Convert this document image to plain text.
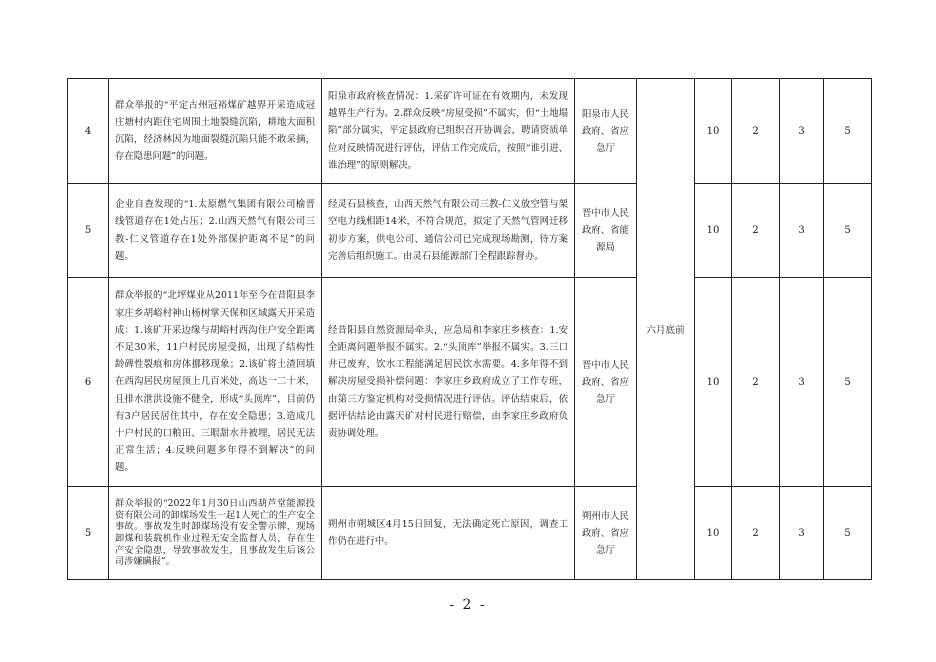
4	群众举报的“平定古州冠裕煤矿越界开采造成冠庄塘村内距住宅周围土地裂缝沉陷，耕地大面积沉陷，经济林因为地面裂缝沉陷只能不敢采摘，存在隐患问题”的问题。	阳泉市政府核查情况：1.采矿许可证在有效期内，未发现越界生产行为。2.群众反映“房屋受损”不属实，但“土地塌陷”部分属实，平定县政府已组织召开协调会，聘请资质单位对反映情况进行评估，评估工作完成后，按照“谁引进、谁治理”的原则解决。	阳泉市人民政府、省应急厅	六月底前	10	2	3	5	
5	企业自查发现的“1.太原燃气集团有限公司榆晋线管道存在1处占压；2.山西天然气有限公司三教-仁义管道存在1处外部保护距离不足”的问题。	经灵石县核查，山西天然气有限公司三教-仁义放空管与架空电力线相距14米，不符合规范，拟定了天然气管网迁移初步方案，供电公司、通信公司已完成现场勘测，待方案完善后组织施工。由灵石县能源部门全程跟踪督办。	晋中市人民政府、省能源局		10	2	3	5	
6	群众举报的“北坪煤业从2011年至今在昔阳县李家庄乡胡峪村神山杨树掌天保和区域露天开采造成：1.该矿开采边缘与胡峪村西沟住户安全距离不足30米，11户村民房屋受损，出现了结构性龄碑性裂痕和房体挪移现象；2.该矿将土渣回填在西沟居民房屋顶上几百米处，高达一二十米，且排水泄洪设施不健全，形成“头顶库”，目前仍有3户居民居住其中，存在安全隐患；3.造成几十户村民的口粮田、三眼甜水井被埋，居民无法正常生活；4.反映问题多年得不到解决”的问题。	经昔阳县自然资源局牵头，应急局和李家庄乡核查：1.安全距离问题举报不属实。2.“头顶库”举报不属实。3.三口井已废弃，饮水工程能满足居民饮水需要。4.多年得不到解决房屋受损补偿问题：李家庄乡政府成立了工作专班，由第三方鉴定机构对受损情况进行评估。评估结束后，依据评估结论由露天矿对村民进行赔偿，由李家庄乡政府负责协调处理。	晋中市人民政府、省应急厅		10	2	3	5	
5	群众举报的“2022年1月30日山西葫芦堂能源投资有限公司的卸煤场发生一起1人死亡的生产安全事故。事故发生时卸煤场没有安全警示牌，现场卸煤和装载机作业过程无安全监督人员，存在生产安全隐患，导致事故发生，且事故发生后该公司涉嫌瞒报”。	朔州市朔城区4月15日回复，无法确定死亡原因，调查工作仍在进行中。	朔州市人民政府、省应急厅		10	2	3	5	
- 2 -
